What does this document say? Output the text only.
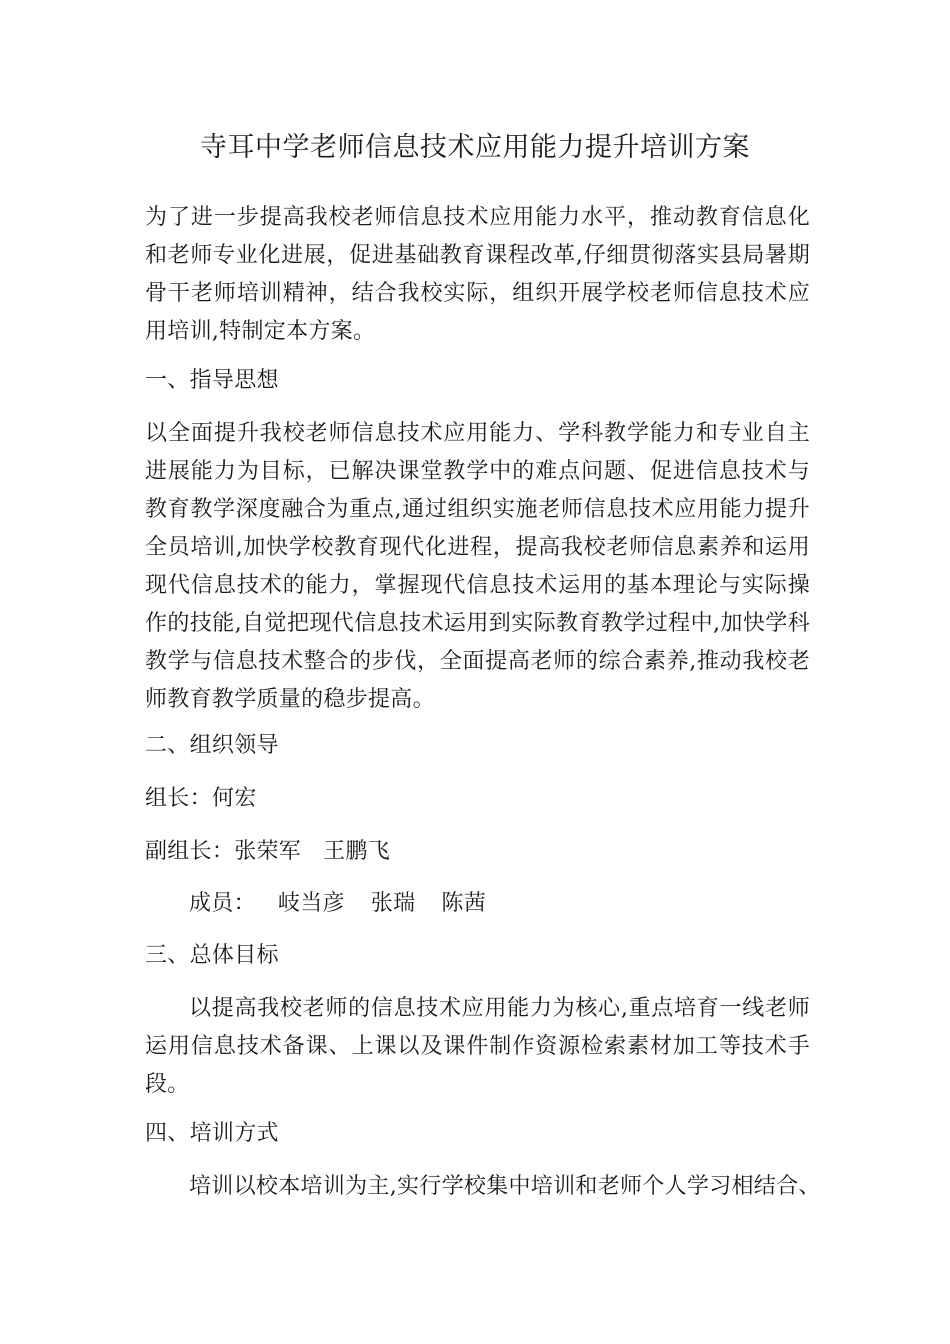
寺耳中学老师信息技术应用能力提升培训方案

为了进一步提高我校老师信息技术应用能力水平，推动教育信息化和老师专业化进展，促进基础教育课程改革,仔细贯彻落实县局暑期骨干老师培训精神，结合我校实际，组织开展学校老师信息技术应用培训,特制定本方案。

一、指导思想

以全面提升我校老师信息技术应用能力、学科教学能力和专业自主进展能力为目标，已解决课堂教学中的难点问题、促进信息技术与教育教学深度融合为重点,通过组织实施老师信息技术应用能力提升全员培训,加快学校教育现代化进程，提高我校老师信息素养和运用现代信息技术的能力，掌握现代信息技术运用的基本理论与实际操作的技能,自觉把现代信息技术运用到实际教育教学过程中,加快学科教学与信息技术整合的步伐，全面提高老师的综合素养,推动我校老师教育教学质量的稳步提高。

二、组织领导

组长：何宏

副组长：张荣军 王鹏飞

成员： 岐当彦 张瑞 陈茜

三、总体目标

以提高我校老师的信息技术应用能力为核心,重点培育一线老师运用信息技术备课、上课以及课件制作资源检索素材加工等技术手段。

四、培训方式

培训以校本培训为主,实行学校集中培训和老师个人学习相结合、
